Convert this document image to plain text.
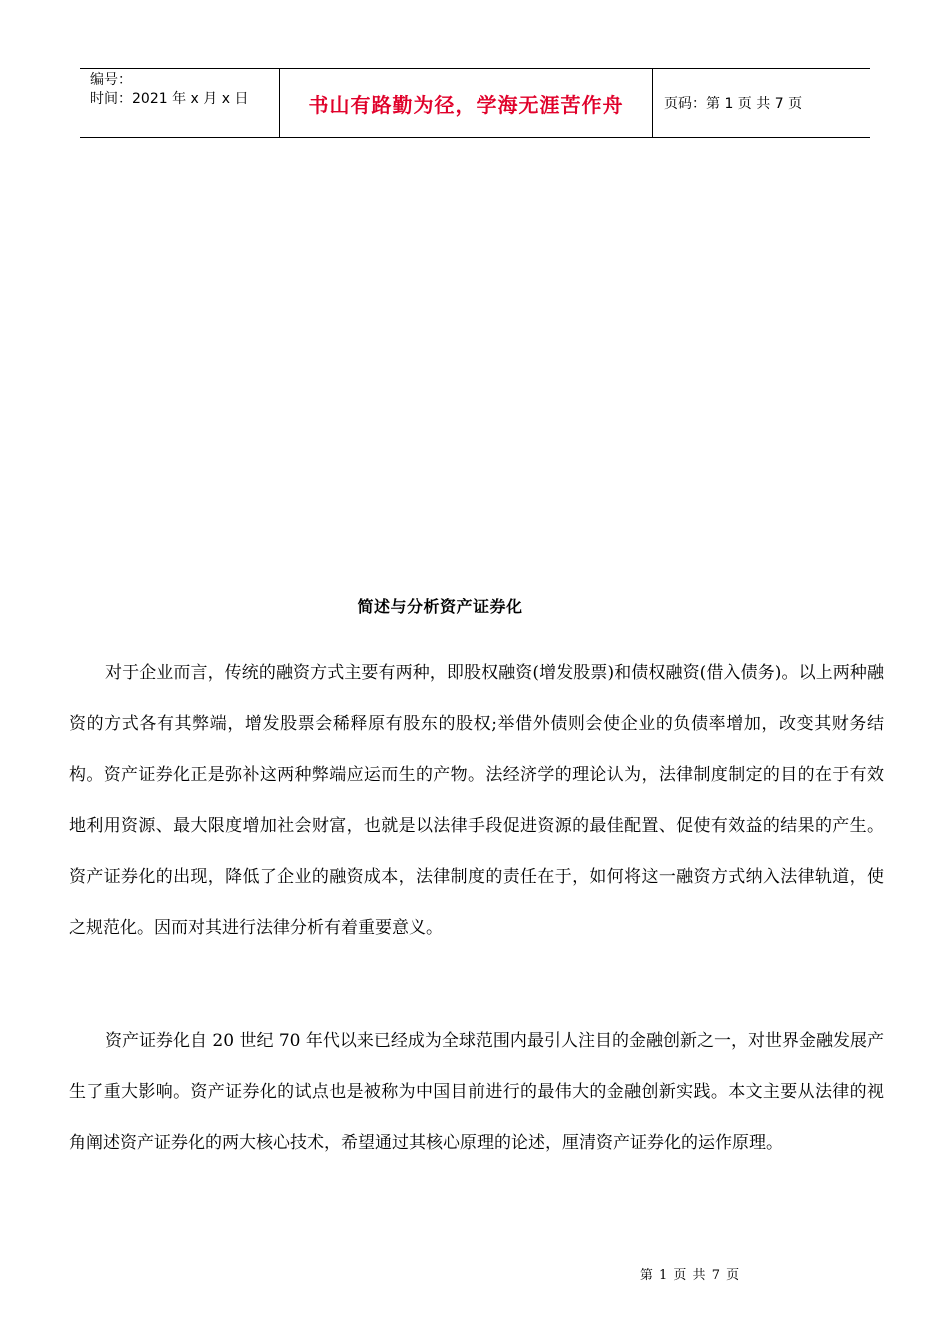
编号：
时间：2021 年 x 月 x 日	书山有路勤为径，学海无涯苦作舟	页码：第 1 页 共 7 页
简述与分析资产证券化

对于企业而言，传统的融资方式主要有两种，即股权融资(增发股票)和债权融资(借入债务)。以上两种融资的方式各有其弊端，增发股票会稀释原有股东的股权;举借外债则会使企业的负债率增加，改变其财务结构。资产证券化正是弥补这两种弊端应运而生的产物。法经济学的理论认为，法律制度制定的目的在于有效地利用资源、最大限度增加社会财富，也就是以法律手段促进资源的最佳配置、促使有效益的结果的产生。资产证券化的出现，降低了企业的融资成本，法律制度的责任在于，如何将这一融资方式纳入法律轨道，使之规范化。因而对其进行法律分析有着重要意义。

资产证券化自 20 世纪 70 年代以来已经成为全球范围内最引人注目的金融创新之一，对世界金融发展产生了重大影响。资产证券化的试点也是被称为中国目前进行的最伟大的金融创新实践。本文主要从法律的视角阐述资产证券化的两大核心技术，希望通过其核心原理的论述，厘清资产证券化的运作原理。

第 1 页 共 7 页
